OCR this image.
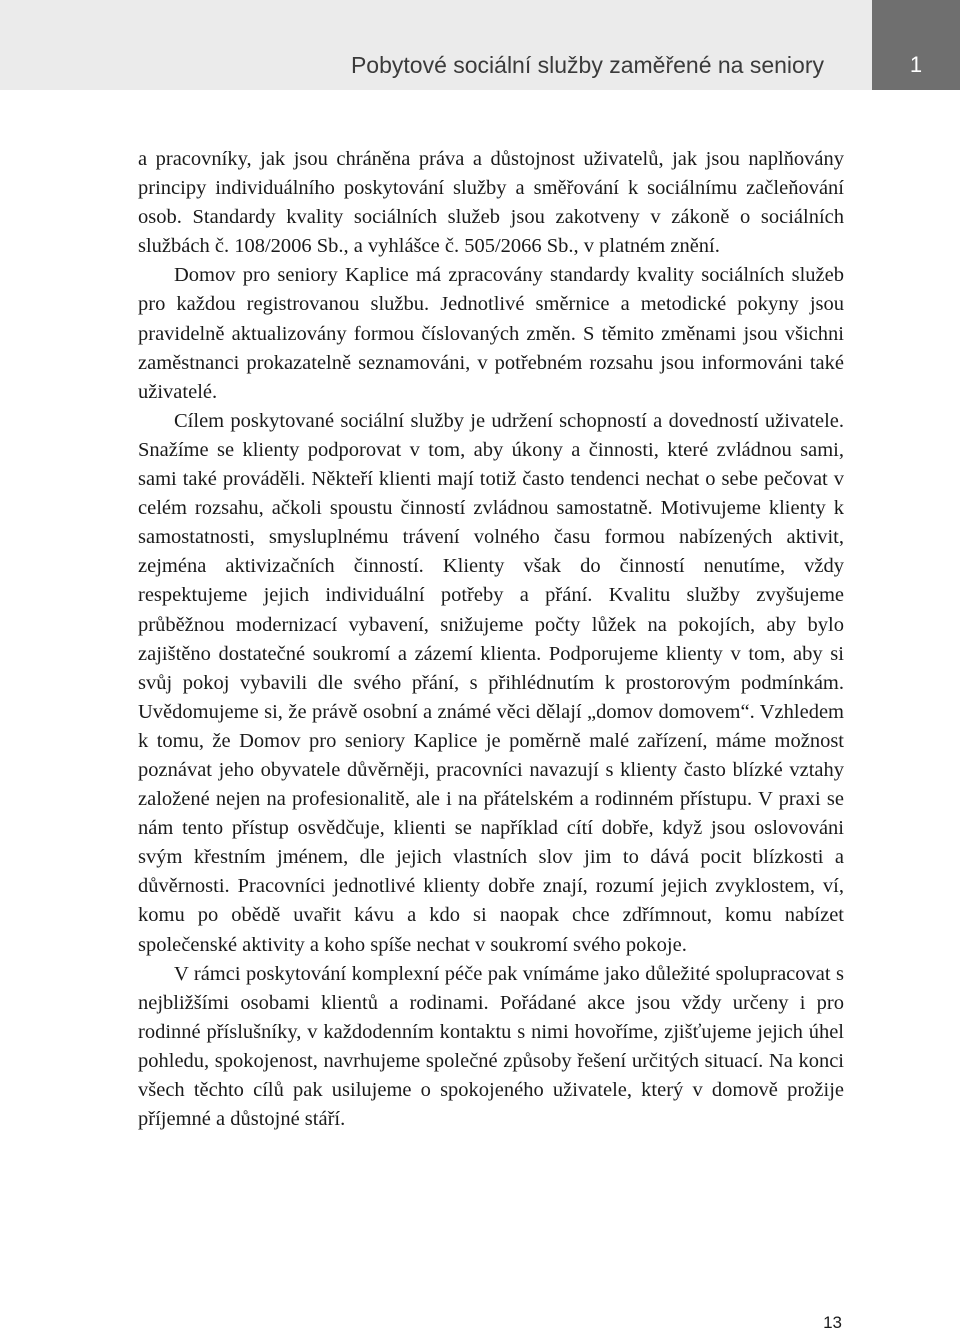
Pobytové sociální služby zaměřené na seniory	1

a pracovníky, jak jsou chráněna práva a důstojnost uživatelů, jak jsou naplňovány principy individuálního poskytování služby a směřování k sociálnímu začleňování osob. Standardy kvality sociálních služeb jsou zakotveny v zákoně o sociálních službách č. 108/2006 Sb., a vyhlášce č. 505/2066 Sb., v platném znění.

Domov pro seniory Kaplice má zpracovány standardy kvality sociálních služeb pro každou registrovanou službu. Jednotlivé směrnice a metodické pokyny jsou pravidelně aktualizovány formou číslovaných změn. S těmito změnami jsou všichni zaměstnanci prokazatelně seznamováni, v potřebném rozsahu jsou informováni také uživatelé.

Cílem poskytované sociální služby je udržení schopností a dovedností uživatele. Snažíme se klienty podporovat v tom, aby úkony a činnosti, které zvládnou sami, sami také prováděli. Někteří klienti mají totiž často tendenci nechat o sebe pečovat v celém rozsahu, ačkoli spoustu činností zvládnou samostatně. Motivujeme klienty k samostatnosti, smysluplnému trávení volného času formou nabízených aktivit, zejména aktivizačních činností. Klienty však do činností nenutíme, vždy respektujeme jejich individuální potřeby a přání. Kvalitu služby zvyšujeme průběžnou modernizací vybavení, snižujeme počty lůžek na pokojích, aby bylo zajištěno dostatečné soukromí a zázemí klienta. Podporujeme klienty v tom, aby si svůj pokoj vybavili dle svého přání, s přihlédnutím k prostorovým podmínkám. Uvědomujeme si, že právě osobní a známé věci dělají „domov domovem“. Vzhledem k tomu, že Domov pro seniory Kaplice je poměrně malé zařízení, máme možnost poznávat jeho obyvatele důvěrněji, pracovníci navazují s klienty často blízké vztahy založené nejen na profesionalitě, ale i na přátelském a rodinném přístupu. V praxi se nám tento přístup osvědčuje, klienti se například cítí dobře, když jsou oslovováni svým křestním jménem, dle jejich vlastních slov jim to dává pocit blízkosti a důvěrnosti. Pracovníci jednotlivé klienty dobře znají, rozumí jejich zvyklostem, ví, komu po obědě uvařit kávu a kdo si naopak chce zdřímnout, komu nabízet společenské aktivity a koho spíše nechat v soukromí svého pokoje.

V rámci poskytování komplexní péče pak vnímáme jako důležité spolupracovat s nejbližšími osobami klientů a rodinami. Pořádané akce jsou vždy určeny i pro rodinné příslušníky, v každodenním kontaktu s nimi hovoříme, zjišťujeme jejich úhel pohledu, spokojenost, navrhujeme společné způsoby řešení určitých situací. Na konci všech těchto cílů pak usilujeme o spokojeného uživatele, který v domově prožije příjemné a důstojné stáří.

13
